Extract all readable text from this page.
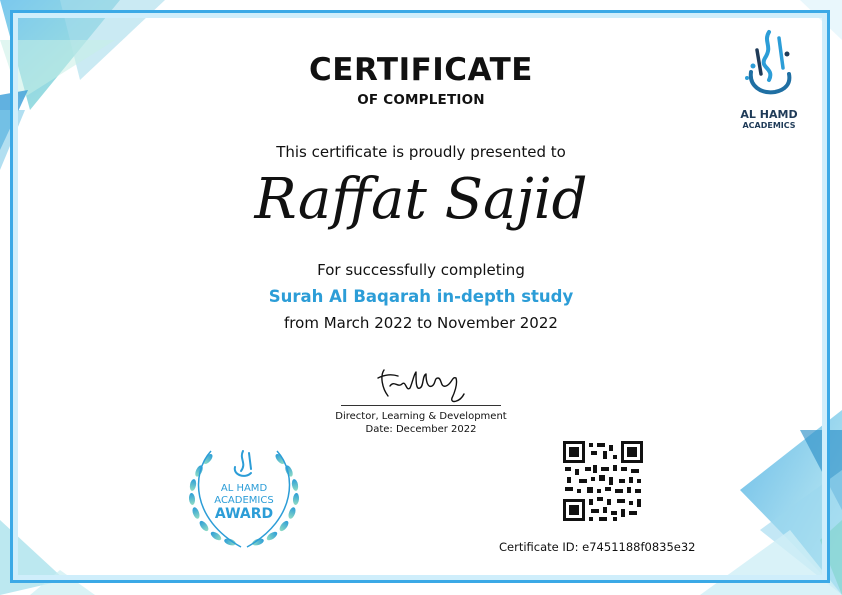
AL HAMD
ACADEMICS
CERTIFICATE
OF COMPLETION
This certificate is proudly presented to
Raffat Sajid
For successfully completing
Surah Al Baqarah in-depth study
from March 2022 to November 2022
Director, Learning & Development
Date: December 2022
AL HAMD
ACADEMICS
AWARD
Certificate ID: e7451188f0835e32
